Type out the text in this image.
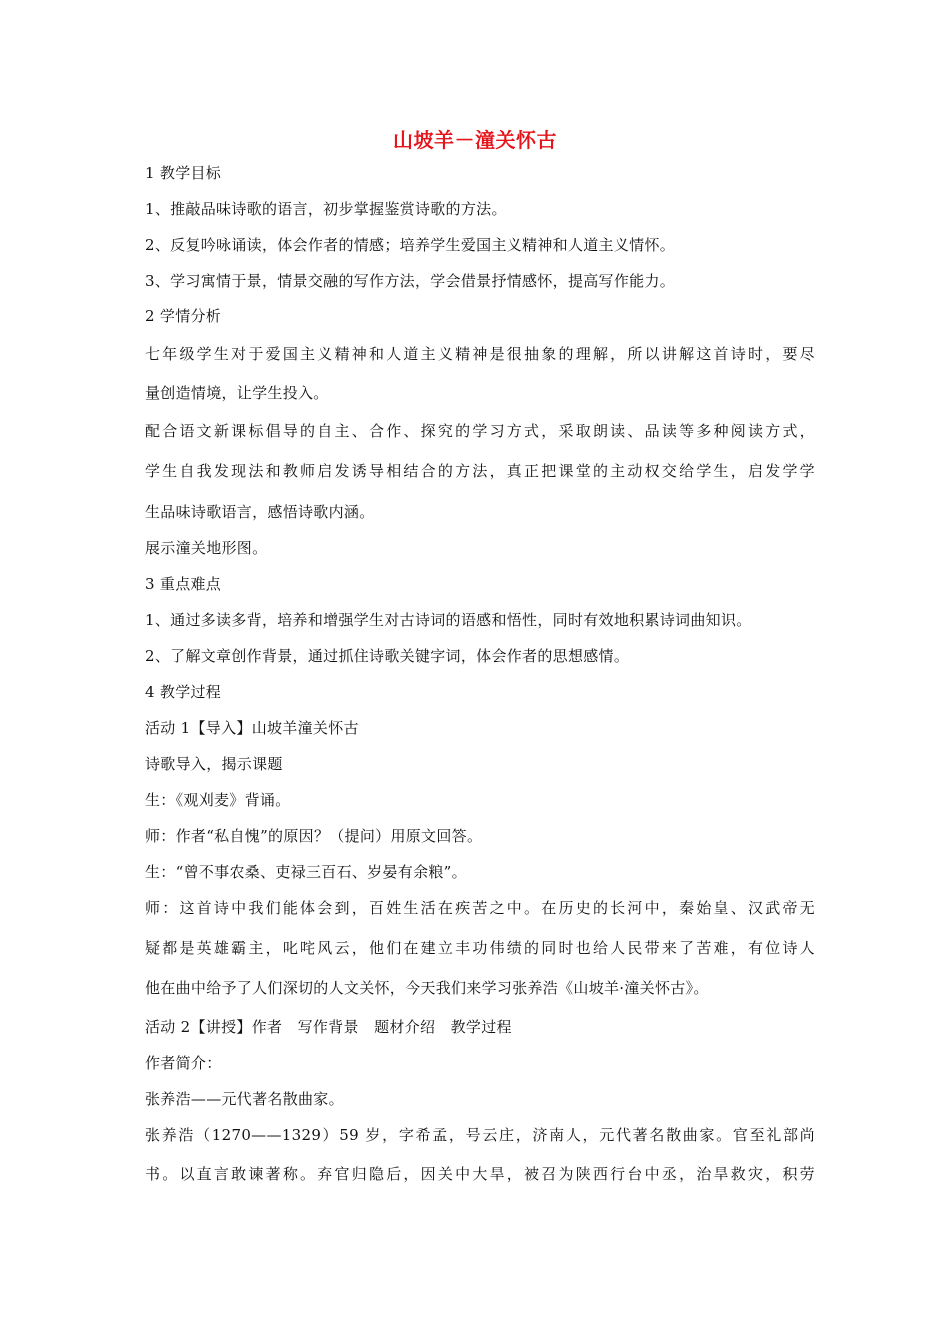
山坡羊－潼关怀古
1 教学目标
1、推敲品味诗歌的语言，初步掌握鉴赏诗歌的方法。
2、反复吟咏诵读，体会作者的情感；培养学生爱国主义精神和人道主义情怀。
3、学习寓情于景，情景交融的写作方法，学会借景抒情感怀，提高写作能力。
2 学情分析
七年级学生对于爱国主义精神和人道主义精神是很抽象的理解，所以讲解这首诗时，要尽
量创造情境，让学生投入。
配合语文新课标倡导的自主、合作、探究的学习方式，采取朗读、品读等多种阅读方式，
学生自我发现法和教师启发诱导相结合的方法，真正把课堂的主动权交给学生，启发学学
生品味诗歌语言，感悟诗歌内涵。
展示潼关地形图。
3 重点难点
1、通过多读多背，培养和增强学生对古诗词的语感和悟性，同时有效地积累诗词曲知识。
2、了解文章创作背景，通过抓住诗歌关键字词，体会作者的思想感情。
4 教学过程
活动 1【导入】山坡羊潼关怀古
诗歌导入，揭示课题
生：《观刈麦》背诵。
师：作者“私自愧”的原因？（提问）用原文回答。
生：“曾不事农桑、吏禄三百石、岁晏有余粮”。
师：这首诗中我们能体会到，百姓生活在疾苦之中。在历史的长河中，秦始皇、汉武帝无
疑都是英雄霸主，叱咤风云，他们在建立丰功伟绩的同时也给人民带来了苦难，有位诗人
他在曲中给予了人们深切的人文关怀，今天我们来学习张养浩《山坡羊·潼关怀古》。
活动 2【讲授】作者　写作背景　题材介绍　教学过程
作者简介：
张养浩——元代著名散曲家。
张养浩（1270——1329）59 岁，字希孟，号云庄，济南人，元代著名散曲家。官至礼部尚
书。以直言敢谏著称。弃官归隐后，因关中大旱，被召为陕西行台中丞，治旱救灾，积劳
